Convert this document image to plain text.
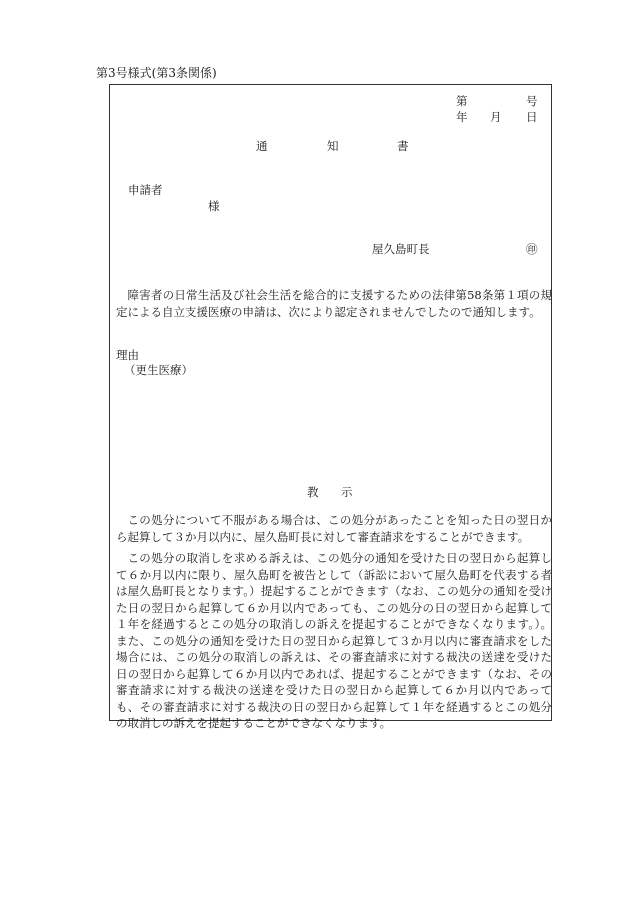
第3号様式(第3条関係)
第	号
年 月 日
通	知	書
申請者
様
屋久島町長	㊞

障害者の日常生活及び社会生活を総合的に支援するための法律第58条第１項の規定による自立支援医療の申請は、次により認定されませんでしたので通知します。

理由
（更生医療）
教 示

この処分について不服がある場合は、この処分があったことを知った日の翌日から起算して３か月以内に、屋久島町長に対して審査請求をすることができます。

この処分の取消しを求める訴えは、この処分の通知を受けた日の翌日から起算して６か月以内に限り、屋久島町を被告として（訴訟において屋久島町を代表する者は屋久島町長となります。）提起することができます（なお、この処分の通知を受けた日の翌日から起算して６か月以内であっても、この処分の日の翌日から起算して１年を経過するとこの処分の取消しの訴えを提起することができなくなります。）。また、この処分の通知を受けた日の翌日から起算して３か月以内に審査請求をした場合には、この処分の取消しの訴えは、その審査請求に対する裁決の送達を受けた日の翌日から起算して６か月以内であれば、提起することができます（なお、その審査請求に対する裁決の送達を受けた日の翌日から起算して６か月以内であっても、その審査請求に対する裁決の日の翌日から起算して１年を経過するとこの処分の取消しの訴えを提起することができなくなります。
